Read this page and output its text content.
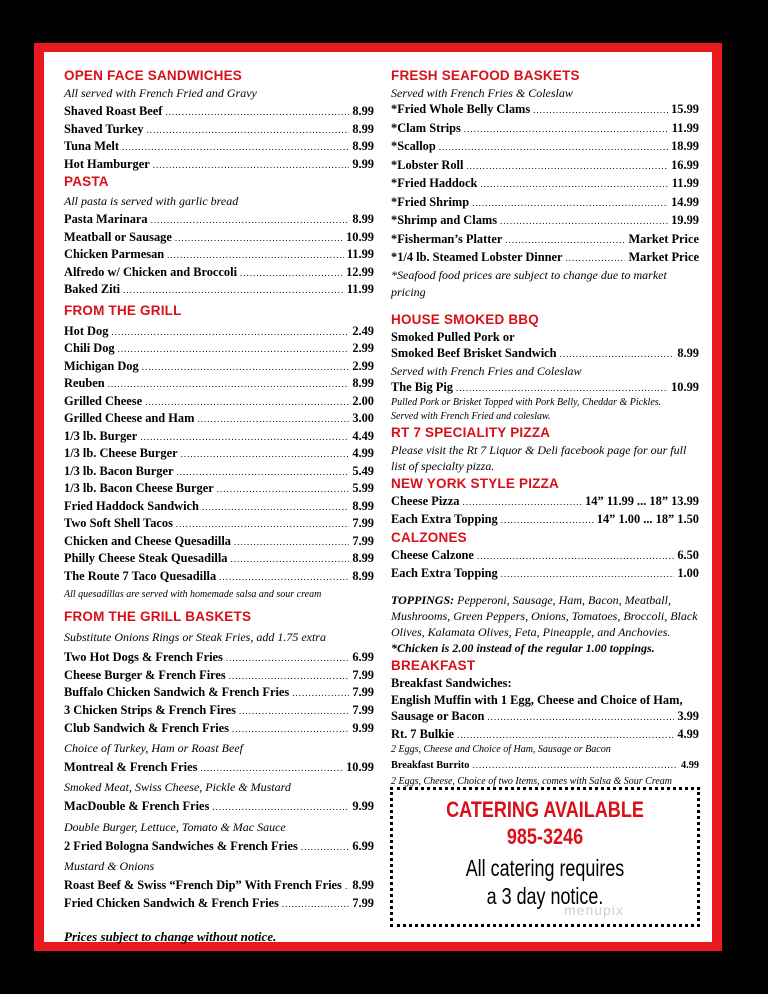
OPEN FACE SANDWICHES
All served with French Fried and Gravy
Shaved Roast Beef .....	8.99
Shaved Turkey .....	8.99
Tuna Melt .....	8.99
Hot Hamburger .....	9.99
PASTA
All pasta is served with garlic bread
Pasta Marinara .....	8.99
Meatball or Sausage .....	10.99
Chicken Parmesan .....	11.99
Alfredo w/ Chicken and Broccoli .....	12.99
Baked Ziti .....	11.99
FROM THE GRILL
Hot Dog .....	2.49
Chili Dog .....	2.99
Michigan Dog .....	2.99
Reuben .....	8.99
Grilled Cheese .....	2.00
Grilled Cheese and Ham .....	3.00
1/3 lb. Burger .....	4.49
1/3 lb. Cheese Burger .....	4.99
1/3 lb. Bacon Burger .....	5.49
1/3 lb. Bacon Cheese Burger .....	5.99
Fried Haddock Sandwich .....	8.99
Two Soft Shell Tacos .....	7.99
Chicken and Cheese Quesadilla .....	7.99
Philly Cheese Steak Quesadilla .....	8.99
The Route 7 Taco Quesadilla .....	8.99
All quesadillas are served with homemade salsa and sour cream
FROM THE GRILL BASKETS
Substitute Onions Rings or Steak Fries, add 1.75 extra
Two Hot Dogs & French Fries .....	6.99
Cheese Burger & French Fires .....	7.99
Buffalo Chicken Sandwich & French Fries .....	7.99
3 Chicken Strips & French Fires .....	7.99
Club Sandwich & French Fries .....	9.99
Choice of Turkey, Ham or Roast Beef
Montreal & French Fries .....	10.99
Smoked Meat, Swiss Cheese, Pickle & Mustard
MacDouble & French Fries .....	9.99
Double Burger, Lettuce, Tomato & Mac Sauce
2 Fried Bologna Sandwiches & French Fries .....	6.99
Mustard & Onions
Roast Beef & Swiss “French Dip” With French Fries ..... 8.99
Fried Chicken Sandwich & French Fries .....	7.99
Prices subject to change without notice.
FRESH SEAFOOD BASKETS
Served with French Fries & Coleslaw
*Fried Whole Belly Clams .....	15.99
*Clam Strips .....	11.99
*Scallop .....	18.99
*Lobster Roll .....	16.99
*Fried Haddock .....	11.99
*Fried Shrimp .....	14.99
*Shrimp and Clams .....	19.99
*Fisherman’s Platter .....	Market Price
*1/4 lb. Steamed Lobster Dinner .....	Market Price
*Seafood food prices are subject to change due to market pricing
HOUSE SMOKED BBQ
Smoked Pulled Pork or
Smoked Beef Brisket Sandwich .....	8.99
Served with French Fries and Coleslaw
The Big Pig .....	10.99
Pulled Pork or Brisket Topped with Pork Belly, Cheddar & Pickles.
Served with French Fried and coleslaw.
RT 7 SPECIALITY PIZZA
Please visit the Rt 7 Liquor & Deli facebook page for our full list of specialty pizza.
NEW YORK STYLE PIZZA
Cheese Pizza .....	14” 11.99 ... 18” 13.99
Each Extra Topping .....	14” 1.00 ... 18” 1.50
CALZONES
Cheese Calzone .....	6.50
Each Extra Topping .....	1.00
TOPPINGS: Pepperoni, Sausage, Ham, Bacon, Meatball, Mushrooms, Green Peppers, Onions, Tomatoes, Broccoli, Black Olives, Kalamata Olives, Feta, Pineapple, and Anchovies.
*Chicken is 2.00 instead of the regular 1.00 toppings.
BREAKFAST
Breakfast Sandwiches:
English Muffin with 1 Egg, Cheese and Choice of Ham,
Sausage or Bacon .....	3.99
Rt. 7 Bulkie .....	4.99
2 Eggs, Cheese and Choice of Ham, Sausage or Bacon
Breakfast Burrito .....	4.99
2 Eggs, Cheese, Choice of two Items, comes with Salsa & Sour Cream
CATERING AVAILABLE
985-3246
All catering requires
a 3 day notice.
menupix
